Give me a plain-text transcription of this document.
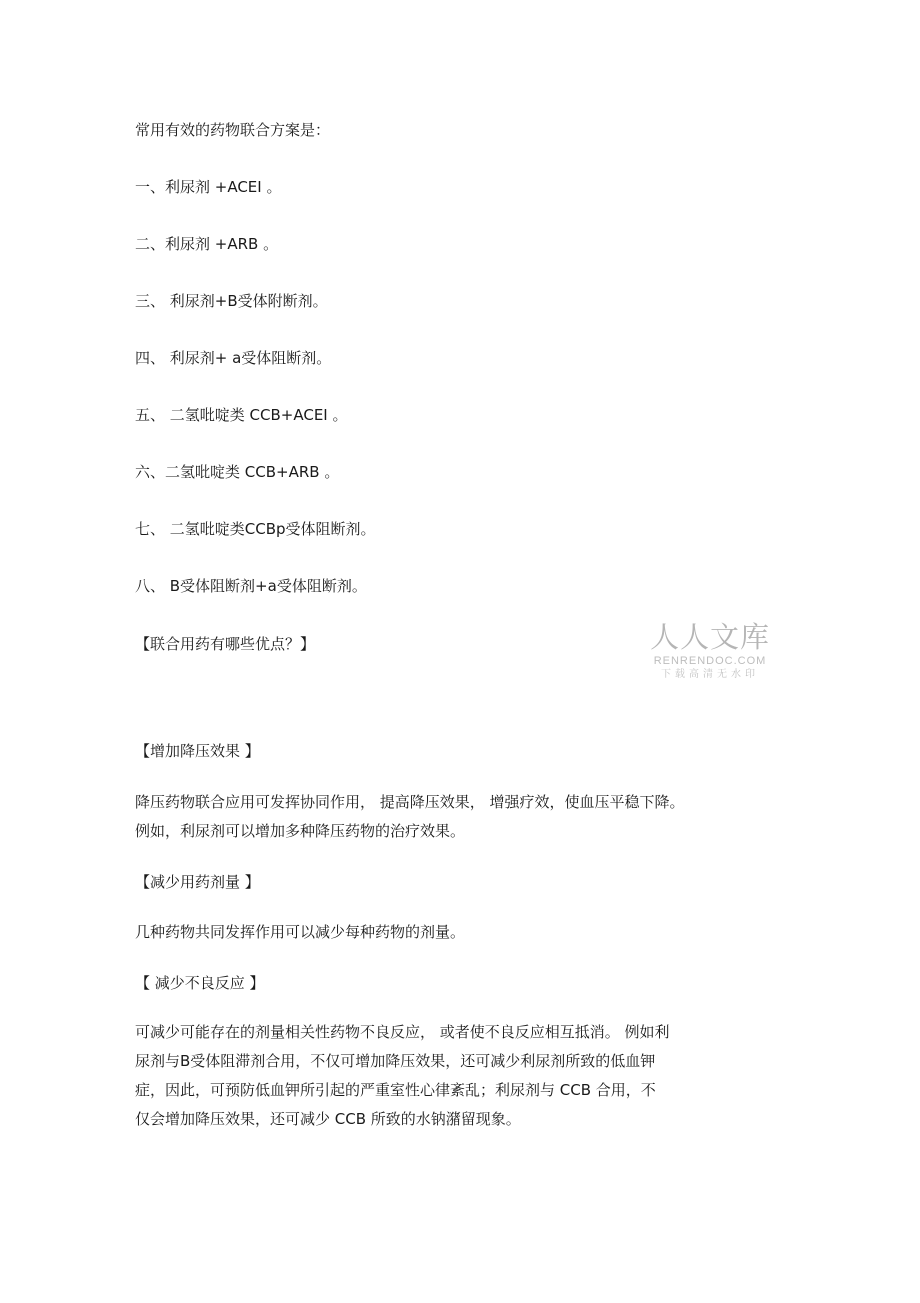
常用有效的药物联合方案是：
一、利尿剂 +ACEI 。
二、利尿剂 +ARB 。
三、 利尿剂+B受体附断剂。
四、 利尿剂+ a受体阻断剂。
五、 二氢吡啶类 CCB+ACEI 。
六、二氢吡啶类 CCB+ARB 。
七、 二氢吡啶类CCBp受体阻断剂。
八、 B受体阻断剂+a受体阻断剂。
【联合用药有哪些优点？】	人人文库
RENRENDOC.COM
下载高清无水印
【增加降压效果 】
降压药物联合应用可发挥协同作用， 提高降压效果， 增强疗效，使血压平稳下降。
例如，利尿剂可以增加多种降压药物的治疗效果。
【减少用药剂量 】
几种药物共同发挥作用可以减少每种药物的剂量。
【 减少不良反应 】
可减少可能存在的剂量相关性药物不良反应， 或者使不良反应相互抵消。 例如利
尿剂与B受体阻滞剂合用，不仅可增加降压效果，还可减少利尿剂所致的低血钾
症，因此，可预防低血钾所引起的严重室性心律紊乱；利尿剂与 CCB 合用，不
仅会增加降压效果，还可减少 CCB 所致的水钠潴留现象。
